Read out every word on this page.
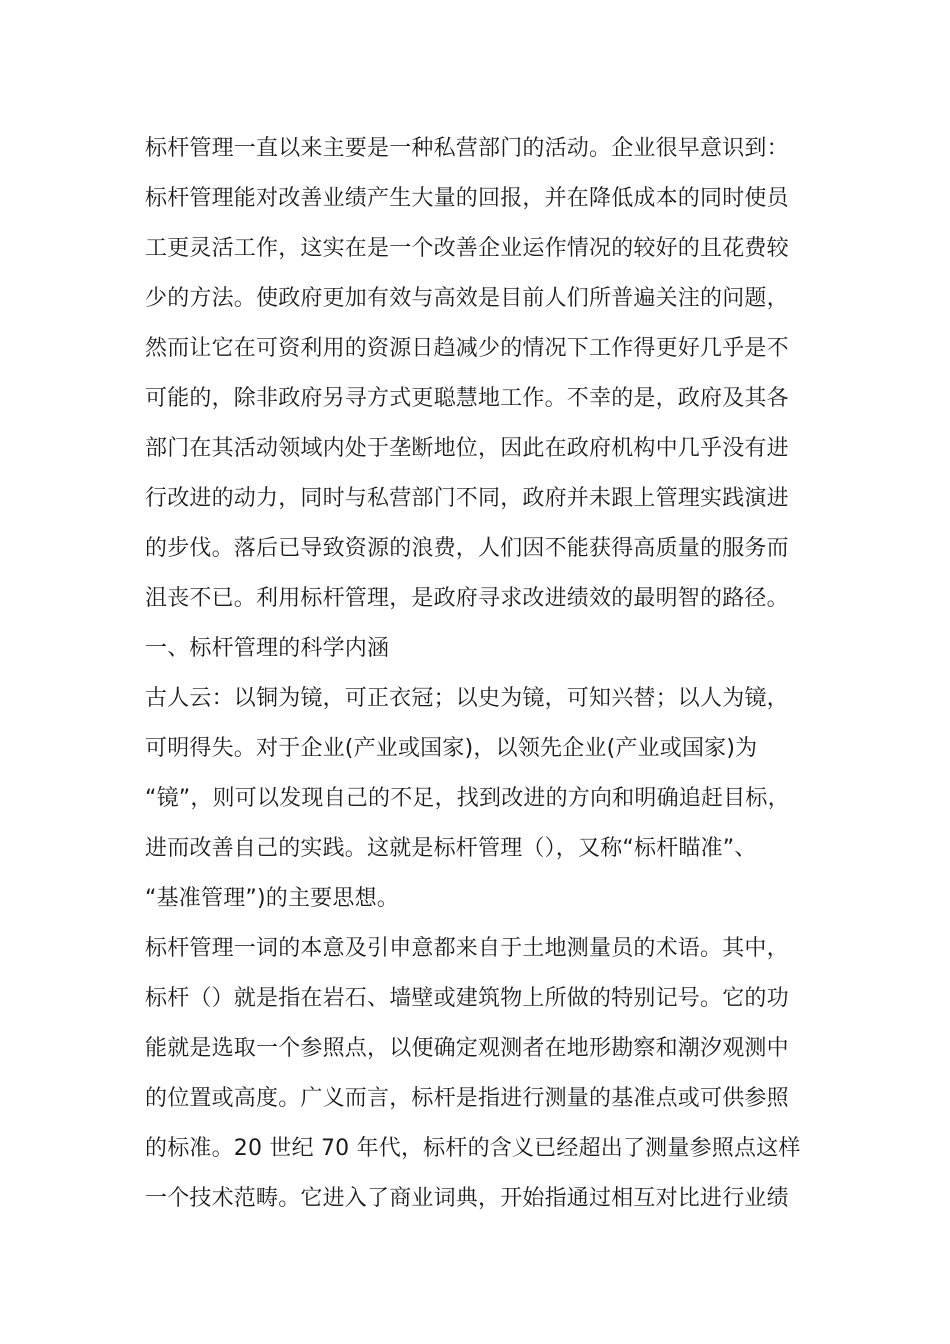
标杆管理一直以来主要是一种私营部门的活动。企业很早意识到：
标杆管理能对改善业绩产生大量的回报，并在降低成本的同时使员
工更灵活工作，这实在是一个改善企业运作情况的较好的且花费较
少的方法。使政府更加有效与高效是目前人们所普遍关注的问题，
然而让它在可资利用的资源日趋减少的情况下工作得更好几乎是不
可能的，除非政府另寻方式更聪慧地工作。不幸的是，政府及其各
部门在其活动领域内处于垄断地位，因此在政府机构中几乎没有进
行改进的动力，同时与私营部门不同，政府并未跟上管理实践演进
的步伐。落后已导致资源的浪费，人们因不能获得高质量的服务而
沮丧不已。利用标杆管理，是政府寻求改进绩效的最明智的路径。
一、标杆管理的科学内涵
古人云：以铜为镜，可正衣冠；以史为镜，可知兴替；以人为镜，
可明得失。对于企业(产业或国家)，以领先企业(产业或国家)为
“镜”，则可以发现自己的不足，找到改进的方向和明确追赶目标，
进而改善自己的实践。这就是标杆管理（），又称“标杆瞄准”、
“基准管理”)的主要思想。
标杆管理一词的本意及引申意都来自于土地测量员的术语。其中，
标杆（）就是指在岩石、墙壁或建筑物上所做的特别记号。它的功
能就是选取一个参照点，以便确定观测者在地形勘察和潮汐观测中
的位置或高度。广义而言，标杆是指进行测量的基准点或可供参照
的标准。20 世纪 70 年代，标杆的含义已经超出了测量参照点这样
一个技术范畴。它进入了商业词典，开始指通过相互对比进行业绩
